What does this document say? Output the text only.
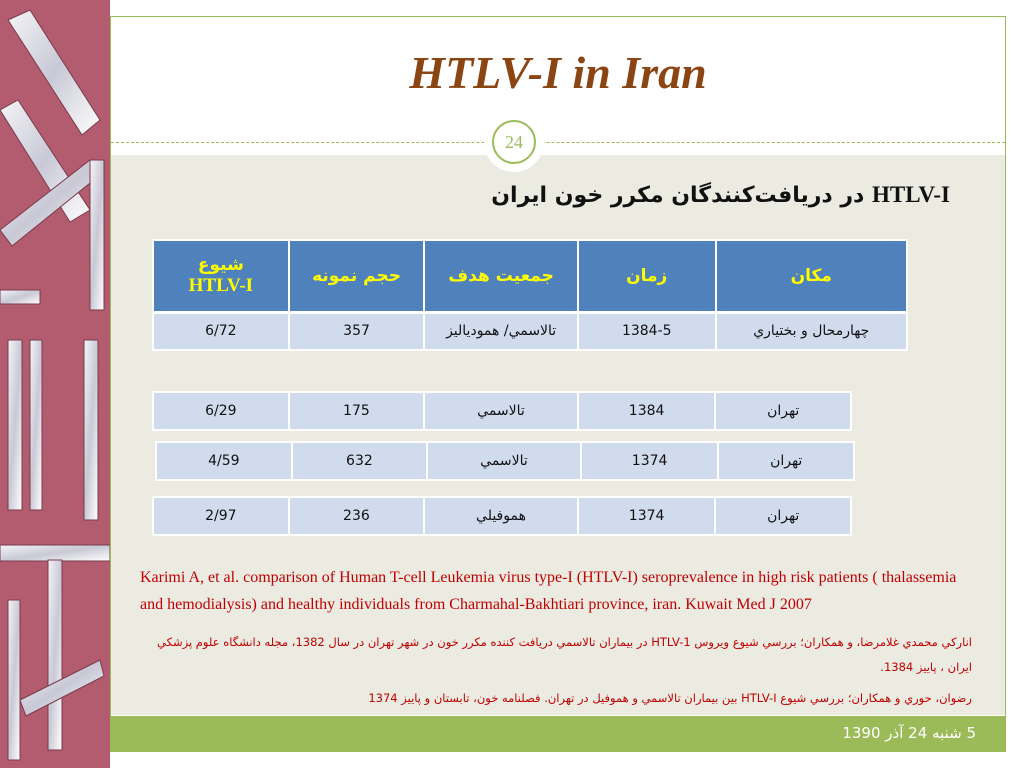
HTLV-I in Iran
24
HTLV-I در دریافت‌کنندگان مکرر خون ایران
مکان	زمان	جمعیت هدف	حجم نمونه	شیوع
HTLV-I
چهارمحال و بختیاري	1384-5	تالاسمي/ همودیالیز	357	6/72
تهران	1384	تالاسمي	175	6/29
تهران	1374	تالاسمي	632	4/59
تهران	1374	هموفیلي	236	2/97
Karimi A, et al. comparison of Human T-cell Leukemia virus type-I (HTLV-I) seroprevalence in high risk patients ( thalassemia and hemodialysis) and healthy individuals from Charmahal-Bakhtiari province, iran. Kuwait Med J 2007
اناركي محمدي غلامرضا، و همكاران؛ بررسي شيوع ويروس HTLV-1 در بيماران تالاسمي دريافت كننده مكرر خون در شهر تهران در سال 1382، مجله دانشگاه علوم پزشكي ايران ، پاييز 1384.
رضوان، حوري و همكاران؛ بررسي شيوع HTLV-I بين بيماران تالاسمي و هموفيل در تهران. فصلنامه خون، تابستان و پاييز 1374
5 شنبه 24 آذر 1390
